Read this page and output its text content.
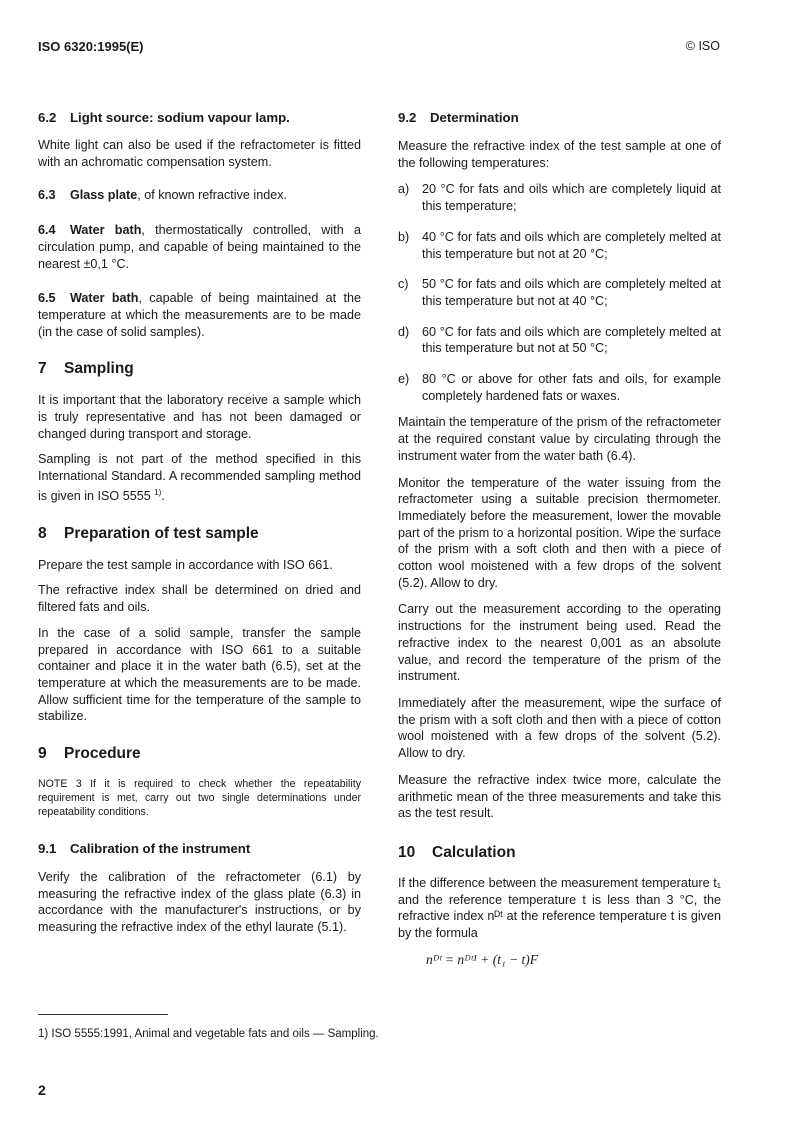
ISO 6320:1995(E)	© ISO
6.2 Light source: sodium vapour lamp.

White light can also be used if the refractometer is fitted with an achromatic compensation system.

6.3 Glass plate, of known refractive index.

6.4 Water bath, thermostatically controlled, with a circulation pump, and capable of being maintained to the nearest ±0,1 °C.

6.5 Water bath, capable of being maintained at the temperature at which the measurements are to be made (in the case of solid samples).

7 Sampling

It is important that the laboratory receive a sample which is truly representative and has not been damaged or changed during transport and storage.

Sampling is not part of the method specified in this International Standard. A recommended sampling method is given in ISO 5555 $^{1)}$.

8 Preparation of test sample

Prepare the test sample in accordance with ISO 661.

The refractive index shall be determined on dried and filtered fats and oils.

In the case of a solid sample, transfer the sample prepared in accordance with ISO 661 to a suitable container and place it in the water bath (6.5), set at the temperature at which the measurements are to be made. Allow sufficient time for the temperature of the sample to stabilize.

9 Procedure

NOTE 3 If it is required to check whether the repeatability requirement is met, carry out two single determinations under repeatability conditions.

9.1 Calibration of the instrument

Verify the calibration of the refractometer (6.1) by measuring the refractive index of the glass plate (6.3) in accordance with the manufacturer's instructions, or by measuring the refractive index of the ethyl laurate (5.1).

9.2 Determination

Measure the refractive index of the test sample at one of the following temperatures:

a)	20 °C for fats and oils which are completely liquid at this temperature;
b)	40 °C for fats and oils which are completely melted at this temperature but not at 20 °C;
c)	50 °C for fats and oils which are completely melted at this temperature but not at 40 °C;
d)	60 °C for fats and oils which are completely melted at this temperature but not at 50 °C;
e)	80 °C or above for other fats and oils, for example completely hardened fats or waxes.

Maintain the temperature of the prism of the refractometer at the required constant value by circulating through the instrument water from the water bath (6.4).

Monitor the temperature of the water issuing from the refractometer using a suitable precision thermometer. Immediately before the measurement, lower the movable part of the prism to a horizontal position. Wipe the surface of the prism with a soft cloth and then with a piece of cotton wool moistened with a few drops of the solvent (5.2). Allow to dry.

Carry out the measurement according to the operating instructions for the instrument being used. Read the refractive index to the nearest 0,001 as an absolute value, and record the temperature of the prism of the instrument.

Immediately after the measurement, wipe the surface of the prism with a soft cloth and then with a piece of cotton wool moistened with a few drops of the solvent (5.2). Allow to dry.

Measure the refractive index twice more, calculate the arithmetic mean of the three measurements and take this as the test result.

10 Calculation

If the difference between the measurement temperature t₁ and the reference temperature t is less than 3 °C, the refractive index nᴰᵗ at the reference temperature t is given by the formula

nᴰᵗ = nᴰᵗ¹ + (t₁ − t)F
1) ISO 5555:1991, Animal and vegetable fats and oils — Sampling.
2
